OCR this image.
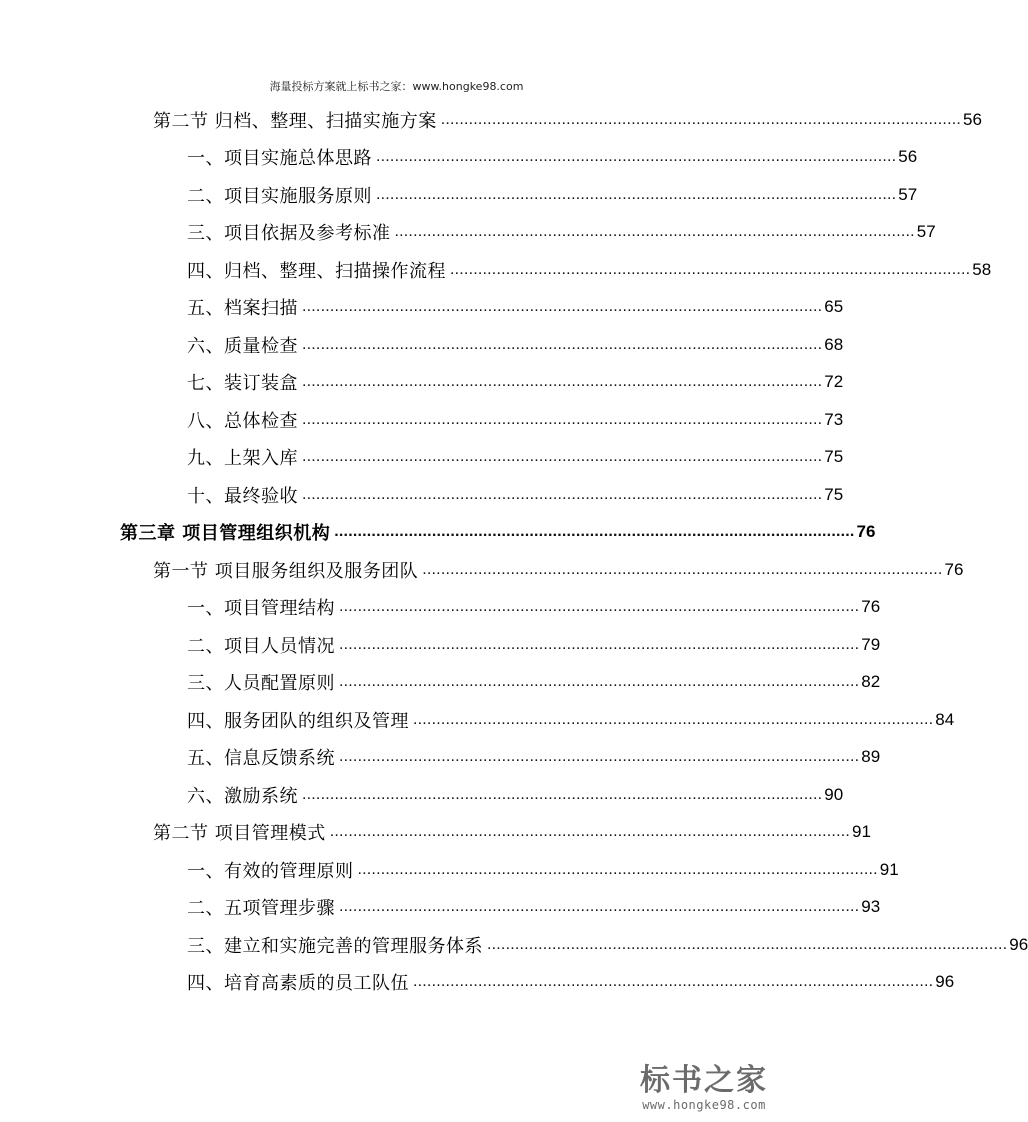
海量投标方案就上标书之家：www.hongke98.com
第二节 归档、整理、扫描实施方案 ................................................................................................................ 56
一、项目实施总体思路 ................................................................................................................ 56
二、项目实施服务原则 ................................................................................................................ 57
三、项目依据及参考标准 ................................................................................................................ 57
四、归档、整理、扫描操作流程 ................................................................................................................ 58
五、档案扫描 ................................................................................................................ 65
六、质量检查 ................................................................................................................ 68
七、装订装盒 ................................................................................................................ 72
八、总体检查 ................................................................................................................ 73
九、上架入库 ................................................................................................................ 75
十、最终验收 ................................................................................................................ 75
第三章 项目管理组织机构 ................................................................................................................ 76
第一节 项目服务组织及服务团队 ................................................................................................................ 76
一、项目管理结构 ................................................................................................................ 76
二、项目人员情况 ................................................................................................................ 79
三、人员配置原则 ................................................................................................................ 82
四、服务团队的组织及管理 ................................................................................................................ 84
五、信息反馈系统 ................................................................................................................ 89
六、激励系统 ................................................................................................................ 90
第二节 项目管理模式 ................................................................................................................ 91
一、有效的管理原则 ................................................................................................................ 91
二、五项管理步骤 ................................................................................................................ 93
三、建立和实施完善的管理服务体系 ................................................................................................................ 96
四、培育高素质的员工队伍 ................................................................................................................ 96
标书之家
www.hongke98.com
